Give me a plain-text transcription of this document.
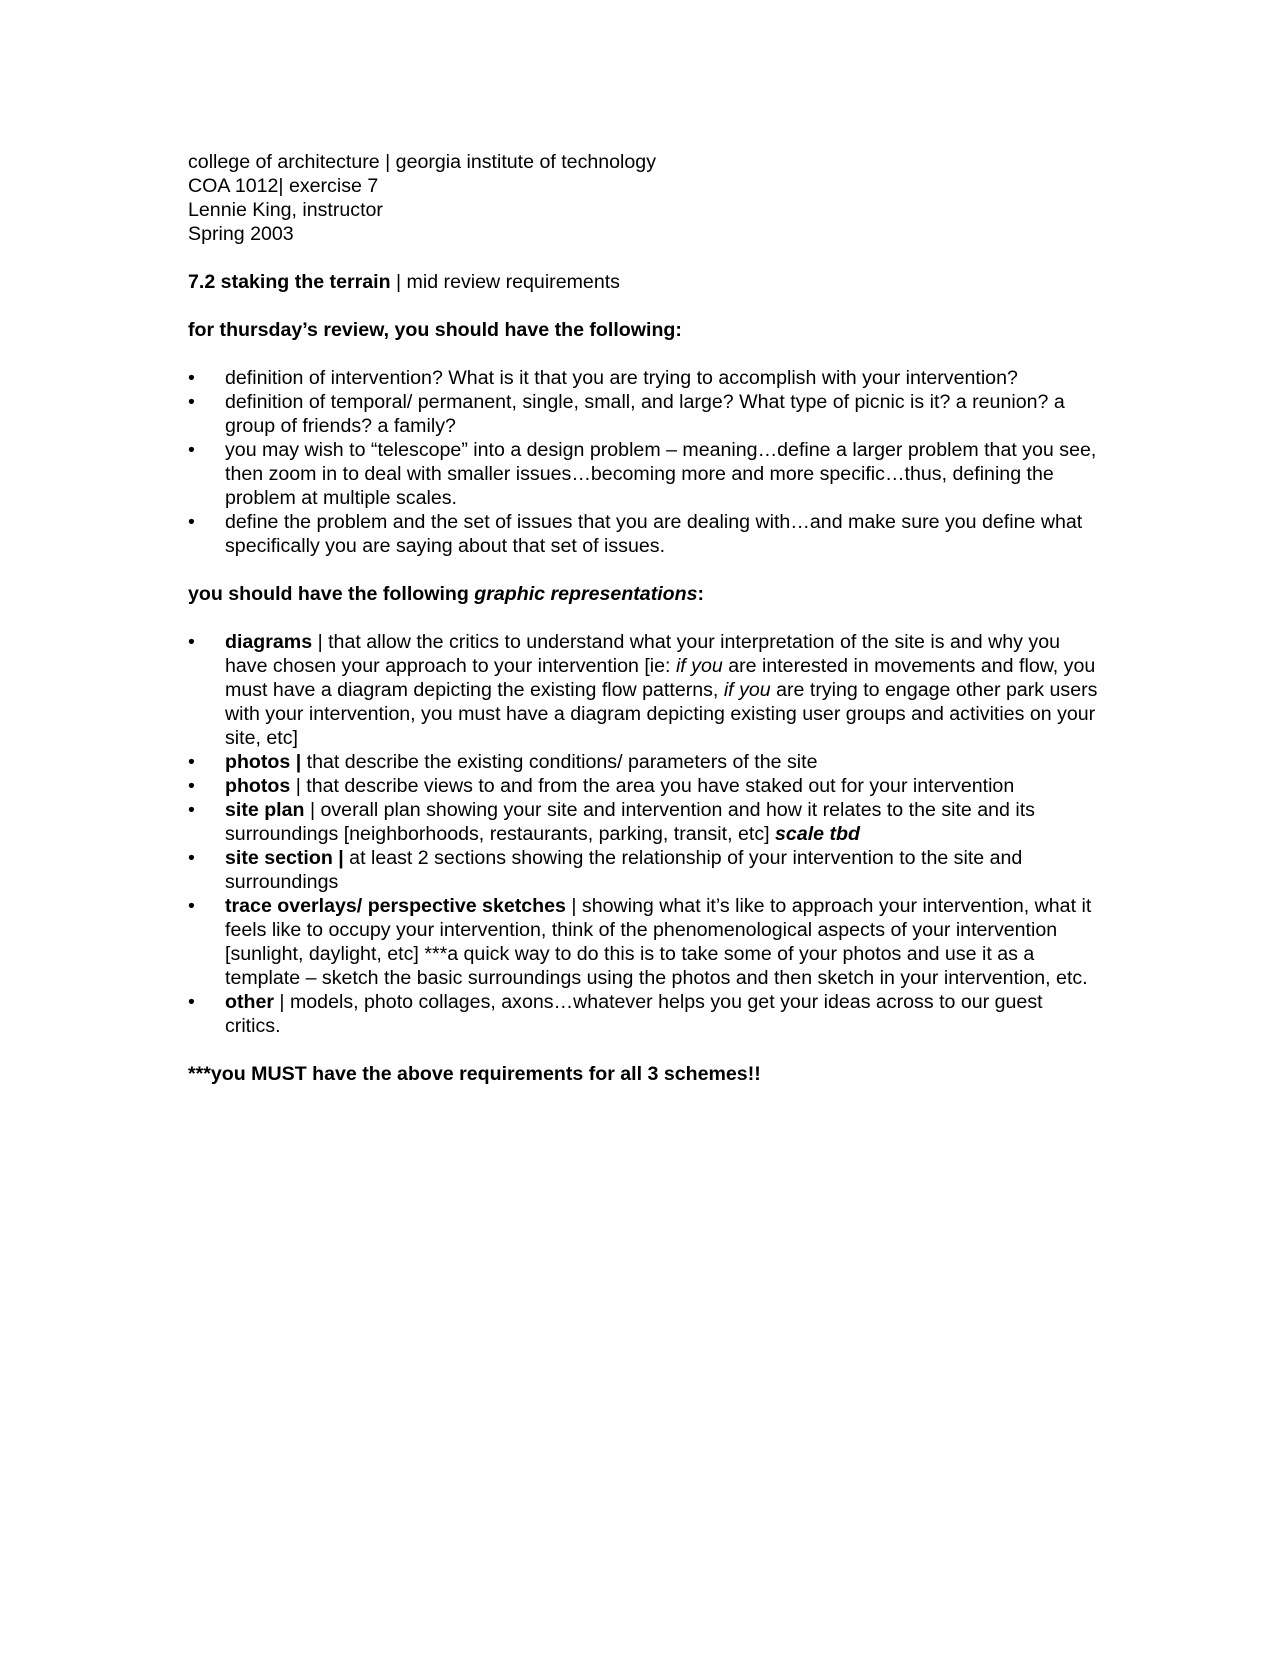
college of architecture | georgia institute of technology

COA 1012| exercise 7

Lennie King, instructor

Spring 2003

7.2 staking the terrain | mid review requirements
for thursday’s review, you should have the following:
• definition of intervention? What is it that you are trying to accomplish with your intervention?
• definition of temporal/ permanent, single, small, and large? What type of picnic is it? a reunion? a group of friends? a family?
• you may wish to “telescope” into a design problem – meaning…define a larger problem that you see, then zoom in to deal with smaller issues…becoming more and more specific…thus, defining the problem at multiple scales.
• define the problem and the set of issues that you are dealing with…and make sure you define what specifically you are saying about that set of issues.
you should have the following graphic representations:
• diagrams | that allow the critics to understand what your interpretation of the site is and why you have chosen your approach to your intervention [ie: if you are interested in movements and flow, you must have a diagram depicting the existing flow patterns, if you are trying to engage other park users with your intervention, you must have a diagram depicting existing user groups and activities on your site, etc]
• photos | that describe the existing conditions/ parameters of the site
• photos | that describe views to and from the area you have staked out for your intervention
• site plan | overall plan showing your site and intervention and how it relates to the site and its surroundings [neighborhoods, restaurants, parking, transit, etc] scale tbd
• site section | at least 2 sections showing the relationship of your intervention to the site and surroundings
• trace overlays/ perspective sketches | showing what it’s like to approach your intervention, what it feels like to occupy your intervention, think of the phenomenological aspects of your intervention [sunlight, daylight, etc] ***a quick way to do this is to take some of your photos and use it as a template – sketch the basic surroundings using the photos and then sketch in your intervention, etc.
• other | models, photo collages, axons…whatever helps you get your ideas across to our guest critics.
***you MUST have the above requirements for all 3 schemes!!
